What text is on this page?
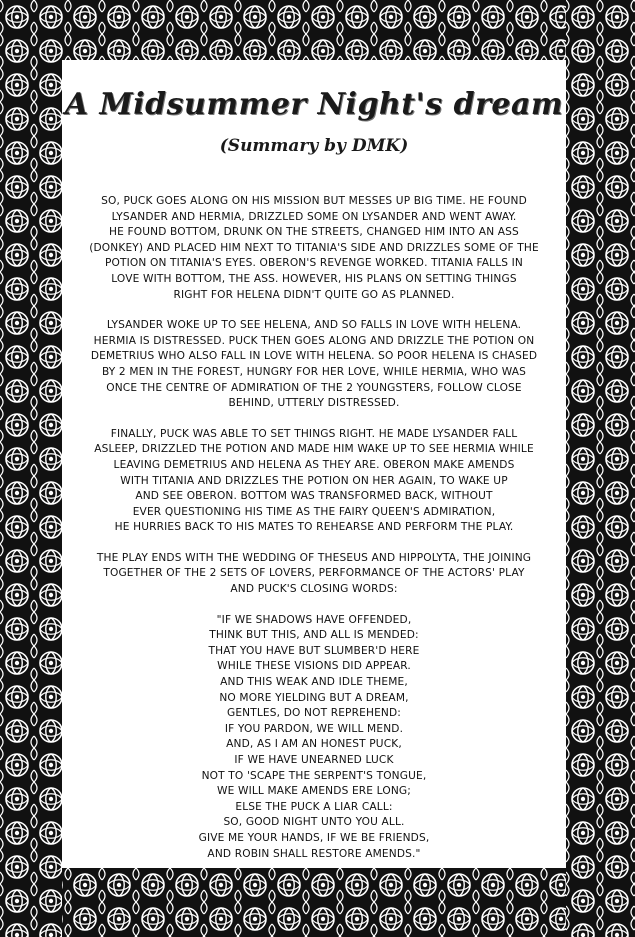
A Midsummer Night's dream
(Summary by DMK)

SO, PUCK GOES ALONG ON HIS MISSION BUT MESSES UP BIG TIME. HE FOUND
LYSANDER AND HERMIA, DRIZZLED SOME ON LYSANDER AND WENT AWAY.
HE FOUND BOTTOM, DRUNK ON THE STREETS, CHANGED HIM INTO AN ASS
(DONKEY) AND PLACED HIM NEXT TO TITANIA'S SIDE AND DRIZZLES SOME OF THE
POTION ON TITANIA'S EYES. OBERON'S REVENGE WORKED. TITANIA FALLS IN
LOVE WITH BOTTOM, THE ASS. HOWEVER, HIS PLANS ON SETTING THINGS
RIGHT FOR HELENA DIDN'T QUITE GO AS PLANNED.

LYSANDER WOKE UP TO SEE HELENA, AND SO FALLS IN LOVE WITH HELENA.
HERMIA IS DISTRESSED. PUCK THEN GOES ALONG AND DRIZZLE THE POTION ON
DEMETRIUS WHO ALSO FALL IN LOVE WITH HELENA. SO POOR HELENA IS CHASED
BY 2 MEN IN THE FOREST, HUNGRY FOR HER LOVE, WHILE HERMIA, WHO WAS
ONCE THE CENTRE OF ADMIRATION OF THE 2 YOUNGSTERS, FOLLOW CLOSE
BEHIND, UTTERLY DISTRESSED.

FINALLY, PUCK WAS ABLE TO SET THINGS RIGHT. HE MADE LYSANDER FALL
ASLEEP, DRIZZLED THE POTION AND MADE HIM WAKE UP TO SEE HERMIA WHILE
LEAVING DEMETRIUS AND HELENA AS THEY ARE. OBERON MAKE AMENDS
WITH TITANIA AND DRIZZLES THE POTION ON HER AGAIN, TO WAKE UP
AND SEE OBERON. BOTTOM WAS TRANSFORMED BACK, WITHOUT
EVER QUESTIONING HIS TIME AS THE FAIRY QUEEN'S ADMIRATION,
HE HURRIES BACK TO HIS MATES TO REHEARSE AND PERFORM THE PLAY.

THE PLAY ENDS WITH THE WEDDING OF THESEUS AND HIPPOLYTA, THE JOINING
TOGETHER OF THE 2 SETS OF LOVERS, PERFORMANCE OF THE ACTORS' PLAY
AND PUCK'S CLOSING WORDS:

"IF WE SHADOWS HAVE OFFENDED,
THINK BUT THIS, AND ALL IS MENDED:
THAT YOU HAVE BUT SLUMBER'D HERE
WHILE THESE VISIONS DID APPEAR.
AND THIS WEAK AND IDLE THEME,
NO MORE YIELDING BUT A DREAM,
GENTLES, DO NOT REPREHEND:
IF YOU PARDON, WE WILL MEND.
AND, AS I AM AN HONEST PUCK,
IF WE HAVE UNEARNED LUCK
NOT TO 'SCAPE THE SERPENT'S TONGUE,
WE WILL MAKE AMENDS ERE LONG;
ELSE THE PUCK A LIAR CALL:
SO, GOOD NIGHT UNTO YOU ALL.
GIVE ME YOUR HANDS, IF WE BE FRIENDS,
AND ROBIN SHALL RESTORE AMENDS."
